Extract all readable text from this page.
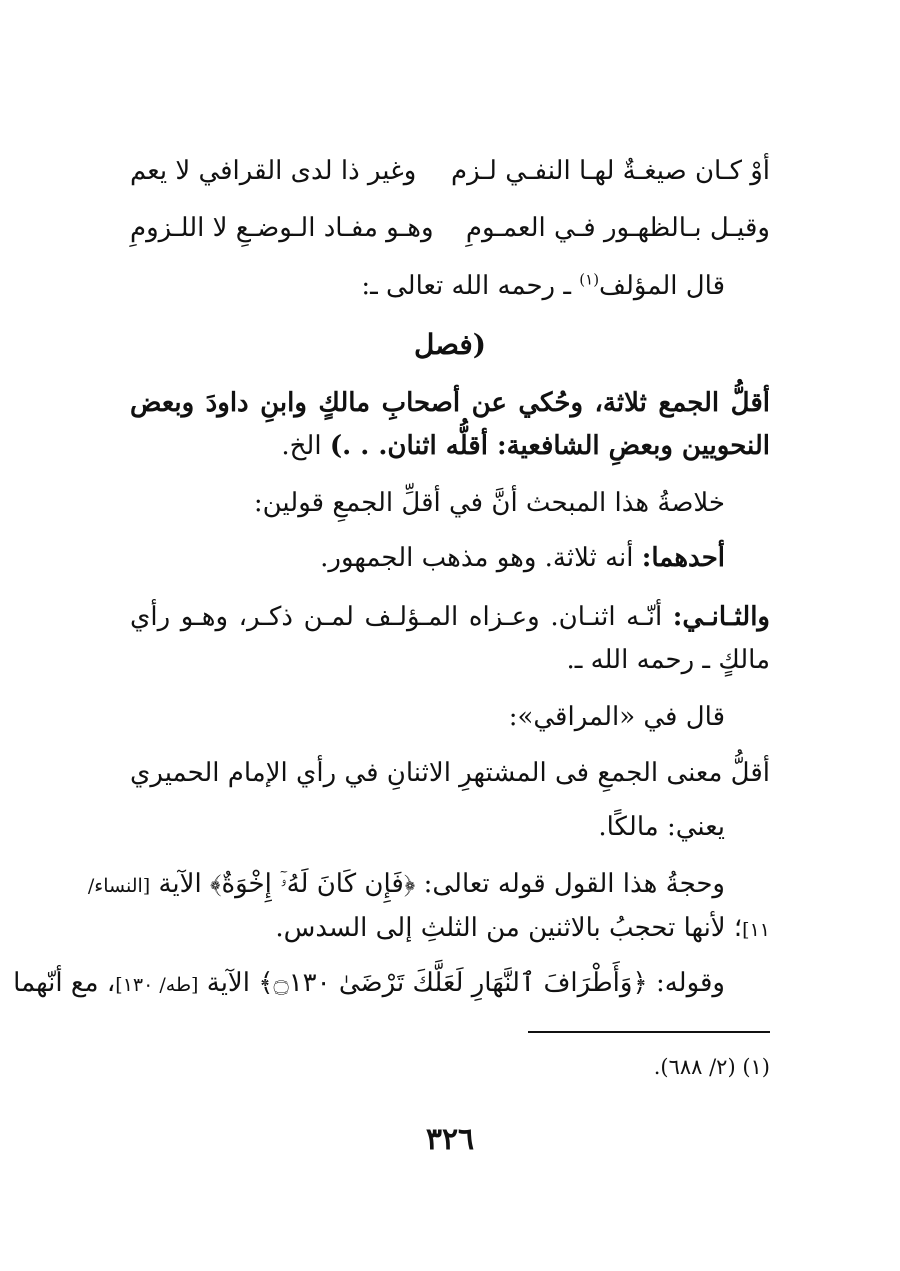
أوْ كـان صيغـةٌ لهـا النفـي لـزم
وغير ذا لدى القرافي لا يعم
وقيـل بـالظهـور فـي العمـومِ
وهـو مفـاد الـوضـعِ لا اللـزومِ
قال المؤلف$^{(١)}$ ـ رحمه الله تعالى ـ:
(فصل
أقلُّ الجمع ثلاثة، وحُكي عن أصحابِ مالكٍ وابنِ داودَ وبعض
النحويين وبعضِ الشافعية: أقلُّه اثنان. . .) الخ.
خلاصةُ هذا المبحث أنَّ في أقلِّ الجمعِ قولين:
أحدهما: أنه ثلاثة. وهو مذهب الجمهور.
والثـانـي: أنّـه اثنـان. وعـزاه المـؤلـف لمـن ذكـر، وهـو رأي
مالكٍ ـ رحمه الله ـ.
قال في «المراقي»:
أقلُّ معنى الجمعِ فى المشتهرِ
الاثنانِ في رأي الإمام الحميري
يعني: مالكًا.
وحجةُ هذا القول قوله تعالى: ﴿فَإِن كَانَ لَهُۥٓ إِخْوَةٌ﴾ الآية [النساء/
١١]؛ لأنها تحجبُ بالاثنين من الثلثِ إلى السدس.
وقوله: ﴿وَأَطْرَافَ ٱلنَّهَارِ لَعَلَّكَ تَرْضَىٰ ۝١٣٠﴾ الآية [طه/ ١٣٠]، مع أنّهما
(١) (٢/ ٦٨٨).
٣٢٦
